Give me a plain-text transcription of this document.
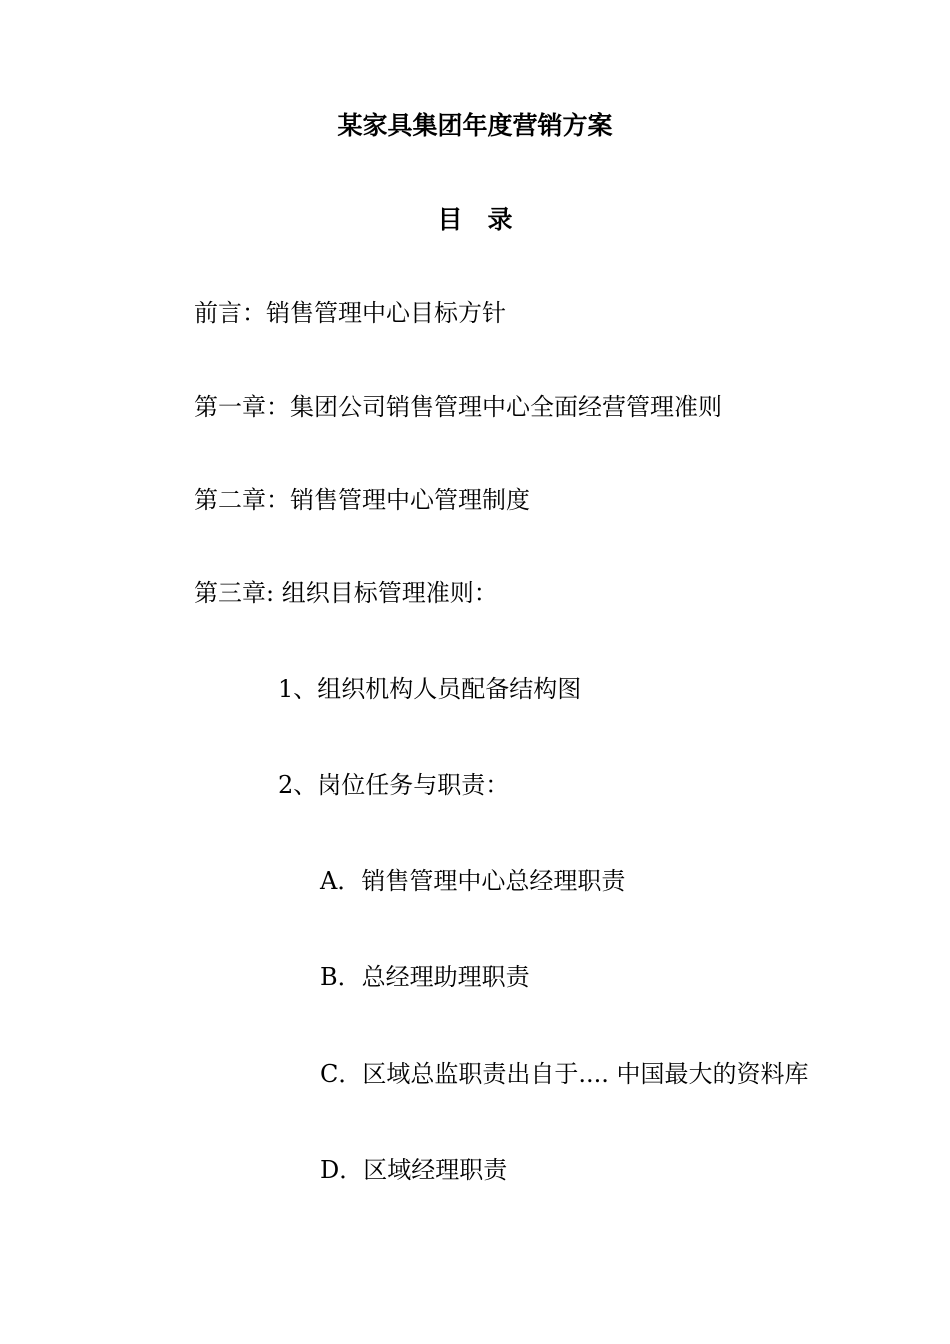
某家具集团年度营销方案
目　录
前言：销售管理中心目标方针
第一章：集团公司销售管理中心全面经营管理准则
第二章：销售管理中心管理制度
第三章: 组织目标管理准则：
1、组织机构人员配备结构图
2、岗位任务与职责：
A．销售管理中心总经理职责
B．总经理助理职责
C．区域总监职责出自于.... 中国最大的资料库
D．区域经理职责
